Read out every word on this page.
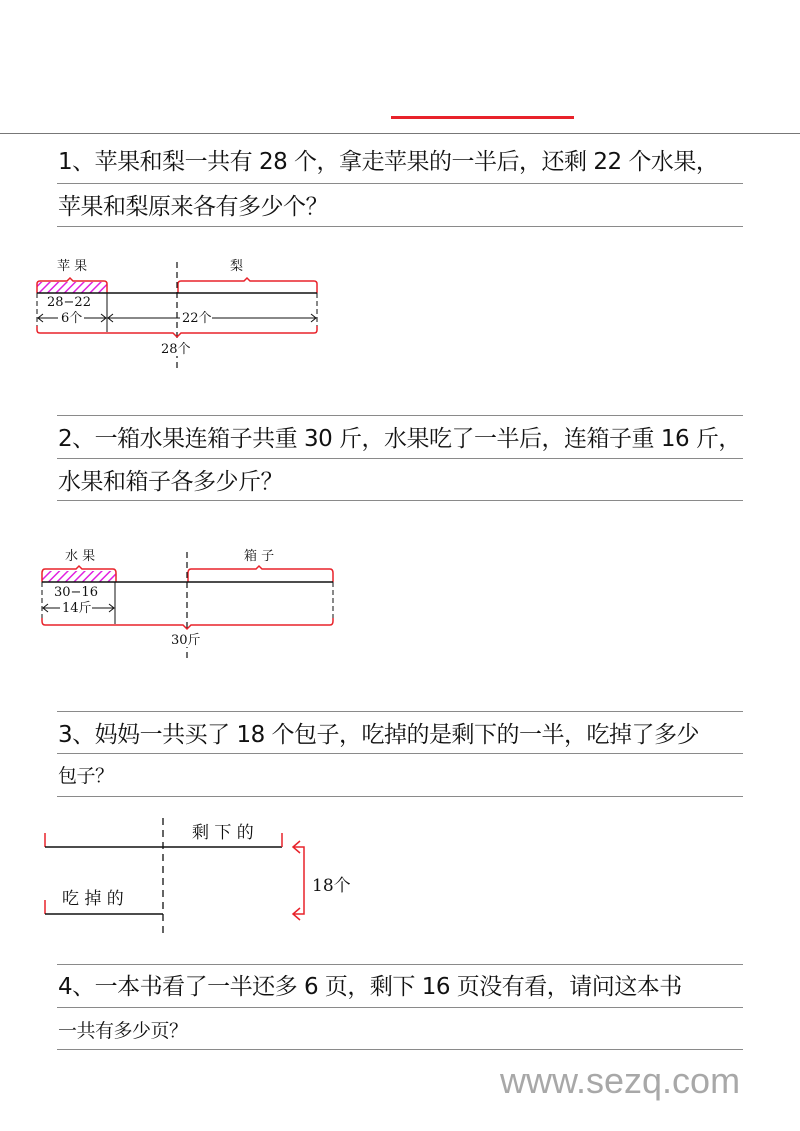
1、苹果和梨一共有 28 个，拿走苹果的一半后，还剩 22 个水果，
苹果和梨原来各有多少个？
苹 果	梨
28−22
6个	22个
28个
2、一箱水果连箱子共重 30 斤，水果吃了一半后，连箱子重 16 斤，
水果和箱子各多少斤？
水 果	箱 子
30−16
14斤
30斤
3、妈妈一共买了 18 个包子，吃掉的是剩下的一半，吃掉了多少
包子？
剩 下 的
吃 掉 的
18个
4、一本书看了一半还多 6 页，剩下 16 页没有看，请问这本书
一共有多少页？
www.sezq.com
